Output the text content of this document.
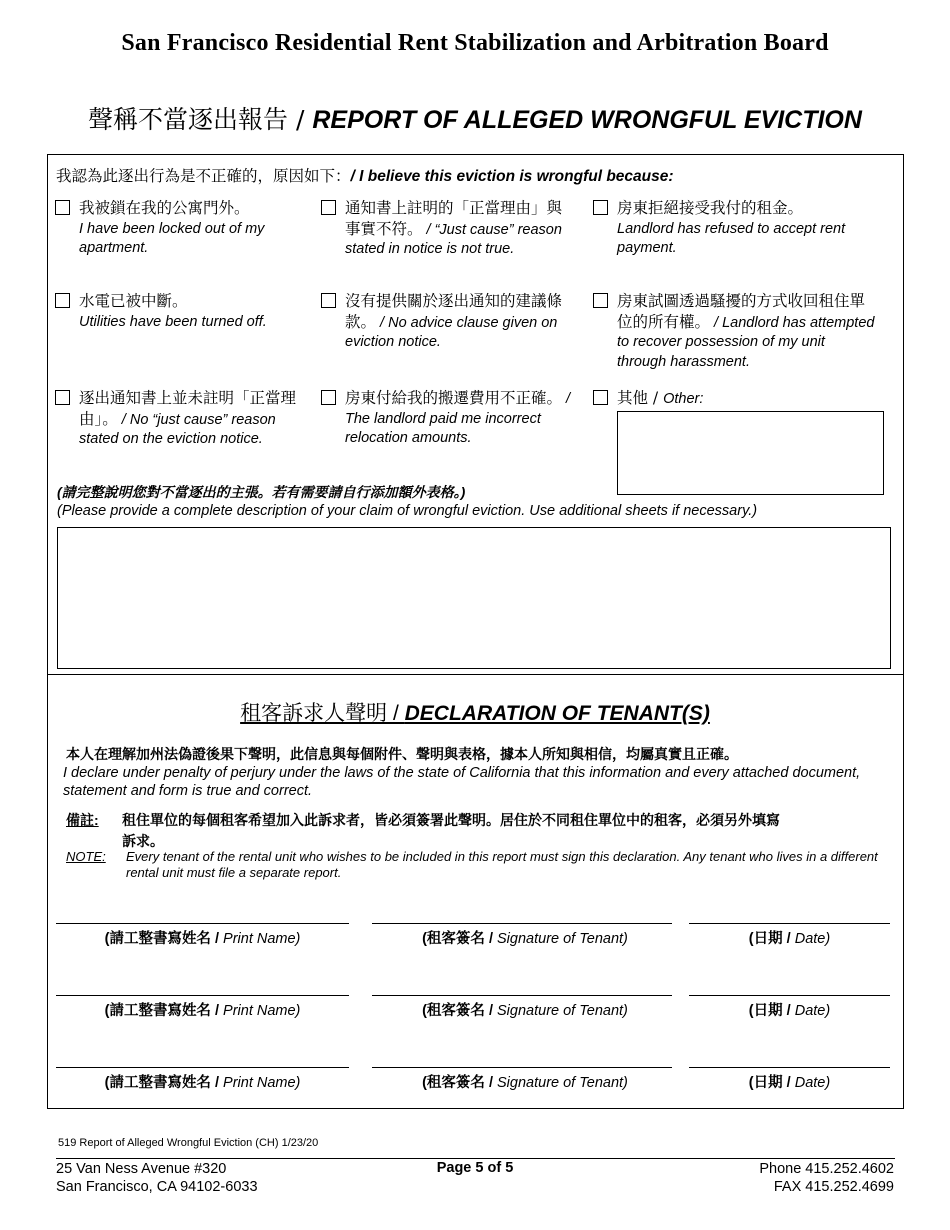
San Francisco Residential Rent Stabilization and Arbitration Board
聲稱不當逐出報告 / REPORT OF ALLEGED WRONGFUL EVICTION
我認為此逐出行為是不正確的，原因如下：/ I believe this eviction is wrongful because:
我被鎖在我的公寓門外。
I have been locked out of my apartment.
通知書上註明的「正當理由」與事實不符。 / “Just cause” reason stated in notice is not true.
房東拒絕接受我付的租金。
Landlord has refused to accept rent payment.
水電已被中斷。
Utilities have been turned off.
沒有提供關於逐出通知的建議條款。 / No advice clause given on eviction notice.
房東試圖透過騷擾的方式收回租住單位的所有權。 / Landlord has attempted to recover possession of my unit through harassment.
逐出通知書上並未註明「正當理由」。 / No “just cause” reason stated on the eviction notice.
房東付給我的搬遷費用不正確。 / The landlord paid me incorrect relocation amounts.
其他 / Other:
(請完整說明您對不當逐出的主張。若有需要請自行添加額外表格。)
(Please provide a complete description of your claim of wrongful eviction. Use additional sheets if necessary.)
租客訴求人聲明 / DECLARATION OF TENANT(S)
本人在理解加州法偽證後果下聲明，此信息與每個附件、聲明與表格，據本人所知與相信，均屬真實且正確。
I declare under penalty of perjury under the laws of the state of California that this information and every attached document, statement and form is true and correct.
備註: 租住單位的每個租客希望加入此訴求者，皆必須簽署此聲明。居住於不同租住單位中的租客，必須另外填寫訴求。
NOTE: Every tenant of the rental unit who wishes to be included in this report must sign this declaration. Any tenant who lives in a different rental unit must file a separate report.
(請工整書寫姓名 / Print Name)	(租客簽名 / Signature of Tenant)	(日期 / Date)
(請工整書寫姓名 / Print Name)	(租客簽名 / Signature of Tenant)	(日期 / Date)
(請工整書寫姓名 / Print Name)	(租客簽名 / Signature of Tenant)	(日期 / Date)
519 Report of Alleged Wrongful Eviction (CH) 1/23/20
25 Van Ness Avenue #320
San Francisco, CA 94102-6033
Page 5 of 5	Phone 415.252.4602
FAX 415.252.4699
